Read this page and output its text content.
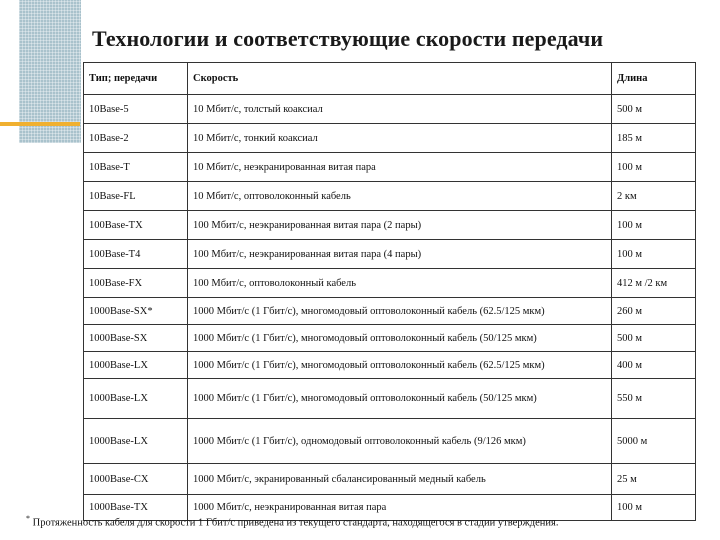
Технологии и соответствующие скорости передачи
Тип; передачи	Скорость	Длина
10Base-5	10 Мбит/с, толстый коаксиал	500 м
10Base-2	10 Мбит/с, тонкий коаксиал	185 м
10Base-T	10 Мбит/с, неэкранированная витая пара	100 м
10Base-FL	10 Мбит/с, оптоволоконный кабель	2 км
100Base-TX	100 Мбит/с, неэкранированная витая пара (2 пары)	100 м
100Base-T4	100 Мбит/с, неэкранированная витая пара (4 пары)	100 м
100Base-FX	100 Мбит/с, оптоволоконный кабель	412 м /2 км
1000Base-SX*	1000 Мбит/с (1 Гбит/с), многомодовый оптоволоконный кабель (62.5/125 мкм)	260 м
1000Base-SX	1000 Мбит/с (1 Гбит/с), многомодовый оптоволоконный кабель (50/125 мкм)	500 м
1000Base-LX	1000 Мбит/с (1 Гбит/с), многомодовый оптоволоконный кабель (62.5/125 мкм)	400 м
1000Base-LX	1000 Мбит/с (1 Гбит/с), многомодовый оптоволоконный кабель (50/125 мкм)	550 м
1000Base-LX	1000 Мбит/с (1 Гбит/с), одномодовый оптоволоконный кабель (9/126 мкм)	5000 м
1000Base-CX	1000 Мбит/с, экранированный сбалансированный медный кабель	25 м
1000Base-TX	1000 Мбит/с, неэкранированная витая пара	100 м
* Протяженность кабеля для скорости 1 Гбит/с приведена из текущего стандарта, находящегося в стадии утверждения.
